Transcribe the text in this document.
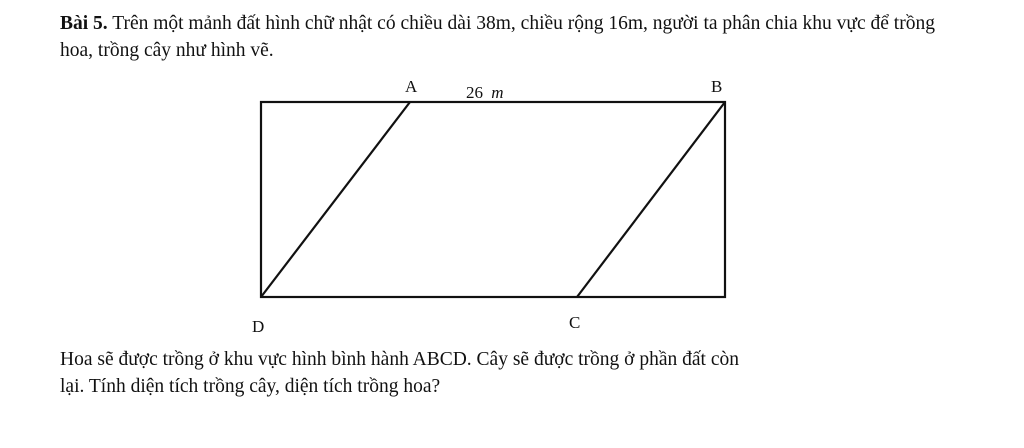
Bài 5. Trên một mảnh đất hình chữ nhật có chiều dài 38m, chiều rộng 16m, người ta phân chia khu vực để trồng hoa, trồng cây như hình vẽ.
A	B
D	C
26 m
Hoa sẽ được trồng ở khu vực hình bình hành ABCD. Cây sẽ được trồng ở phần đất còn
lại. Tính diện tích trồng cây, diện tích trồng hoa?
